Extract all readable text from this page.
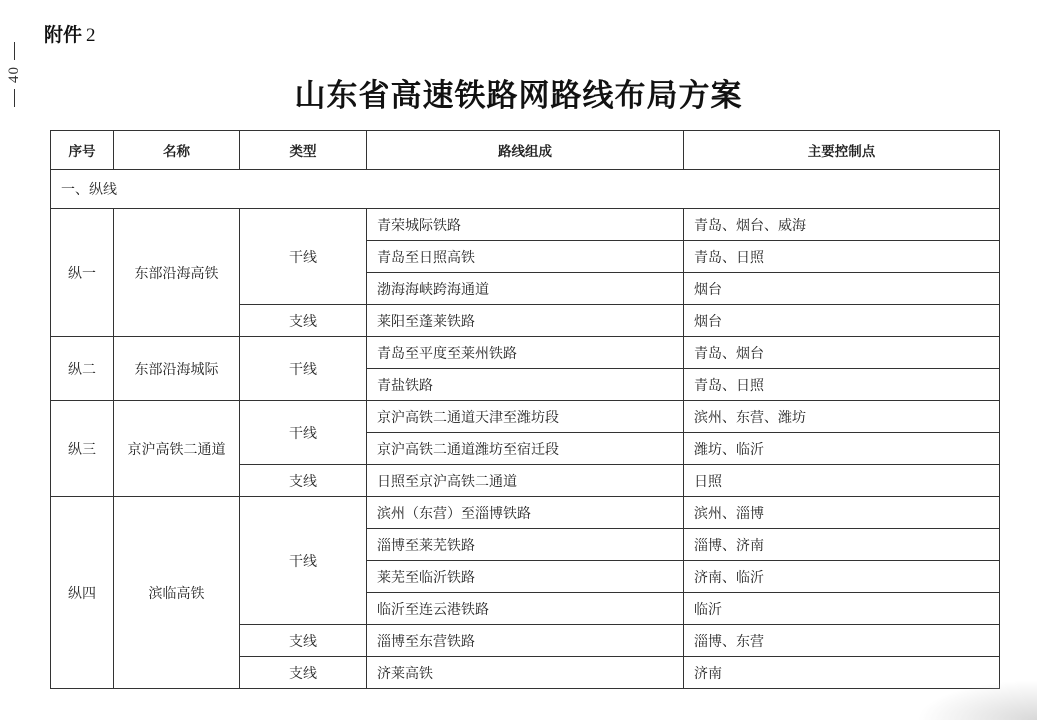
附件 2
40
山东省高速铁路网路线布局方案
序号	名称	类型	路线组成	主要控制点
一、纵线				
纵一	东部沿海高铁	干线	青荣城际铁路	青岛、烟台、威海
			青岛至日照高铁	青岛、日照
			渤海海峡跨海通道	烟台
		支线	莱阳至蓬莱铁路	烟台
纵二	东部沿海城际	干线	青岛至平度至莱州铁路	青岛、烟台
			青盐铁路	青岛、日照
纵三	京沪高铁二通道	干线	京沪高铁二通道天津至潍坊段	滨州、东营、潍坊
			京沪高铁二通道潍坊至宿迁段	潍坊、临沂
		支线	日照至京沪高铁二通道	日照
纵四	滨临高铁	干线	滨州（东营）至淄博铁路	滨州、淄博
			淄博至莱芜铁路	淄博、济南
			莱芜至临沂铁路	济南、临沂
			临沂至连云港铁路	临沂
		支线	淄博至东营铁路	淄博、东营
		支线	济莱高铁	济南
